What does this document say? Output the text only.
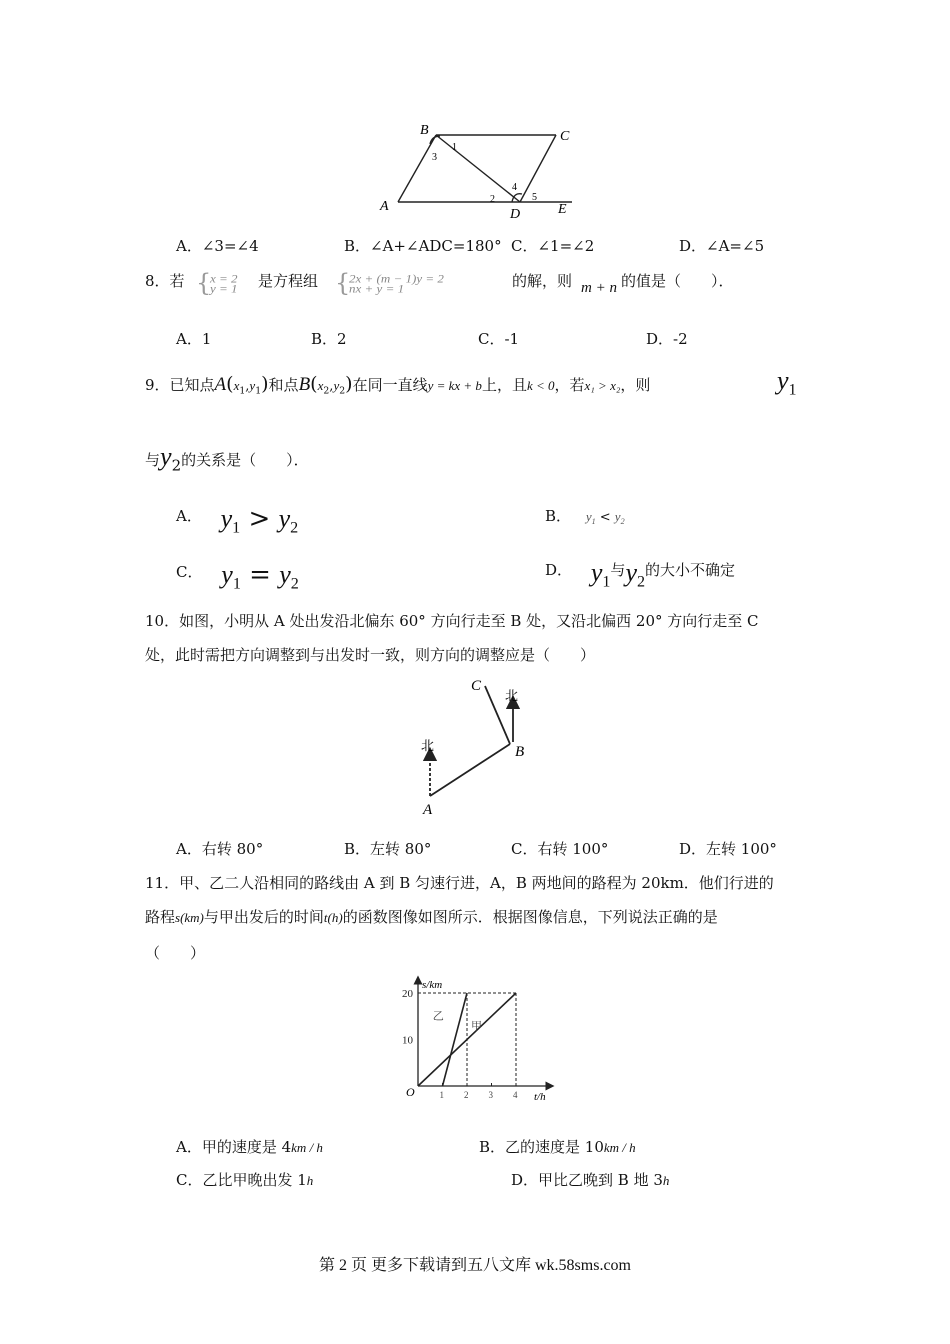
B	C
A
D	E
1
3
2
4
5
A．∠3=∠4	B．∠A+∠ADC=180° C．∠1=∠2	D．∠A=∠5
8．若 {
x = 2
y = 1 是方程组 {
2x + (m − 1)y = 2
nx + y = 1	的解，则 m + n 的值是（　　）．
A．1	B．2	C．-1	D．-2
9．已知点$A(x_1,y_1)$和点$B(x_2,y_2)$在同一直线y = kx + b上，且k < 0，若x₁ > x₂，则	$y_1$
与y2的关系是（　　）．
A． $y_1 > y_2$
B． $y_1 < y_2$
C． $y_1 = y_2$
D． $y_1$与$y_2$的大小不确定
10．如图，小明从 A 处出发沿北偏东 60° 方向行走至 B 处，又沿北偏西 20° 方向行走至 C
处，此时需把方向调整到与出发时一致，则方向的调整应是（　　）
C
B
A
北
北
A．右转 80°	B．左转 80°	C．右转 100°	D．左转 100°
11．甲、乙二人沿相同的路线由 A 到 B 匀速行进，A，B 两地间的路程为 20km．他们行进的
路程s(km)与甲出发后的时间t(h)的函数图像如图所示．根据图像信息，下列说法正确的是
（　　）
s/km
t/h
O	1 2 3 4
10
20
甲
乙
A．甲的速度是 4km / h	B．乙的速度是 10km / h
C．乙比甲晚出发 1h	D．甲比乙晚到 B 地 3h
第 2 页 更多下载请到五八文库 wk.58sms.com
